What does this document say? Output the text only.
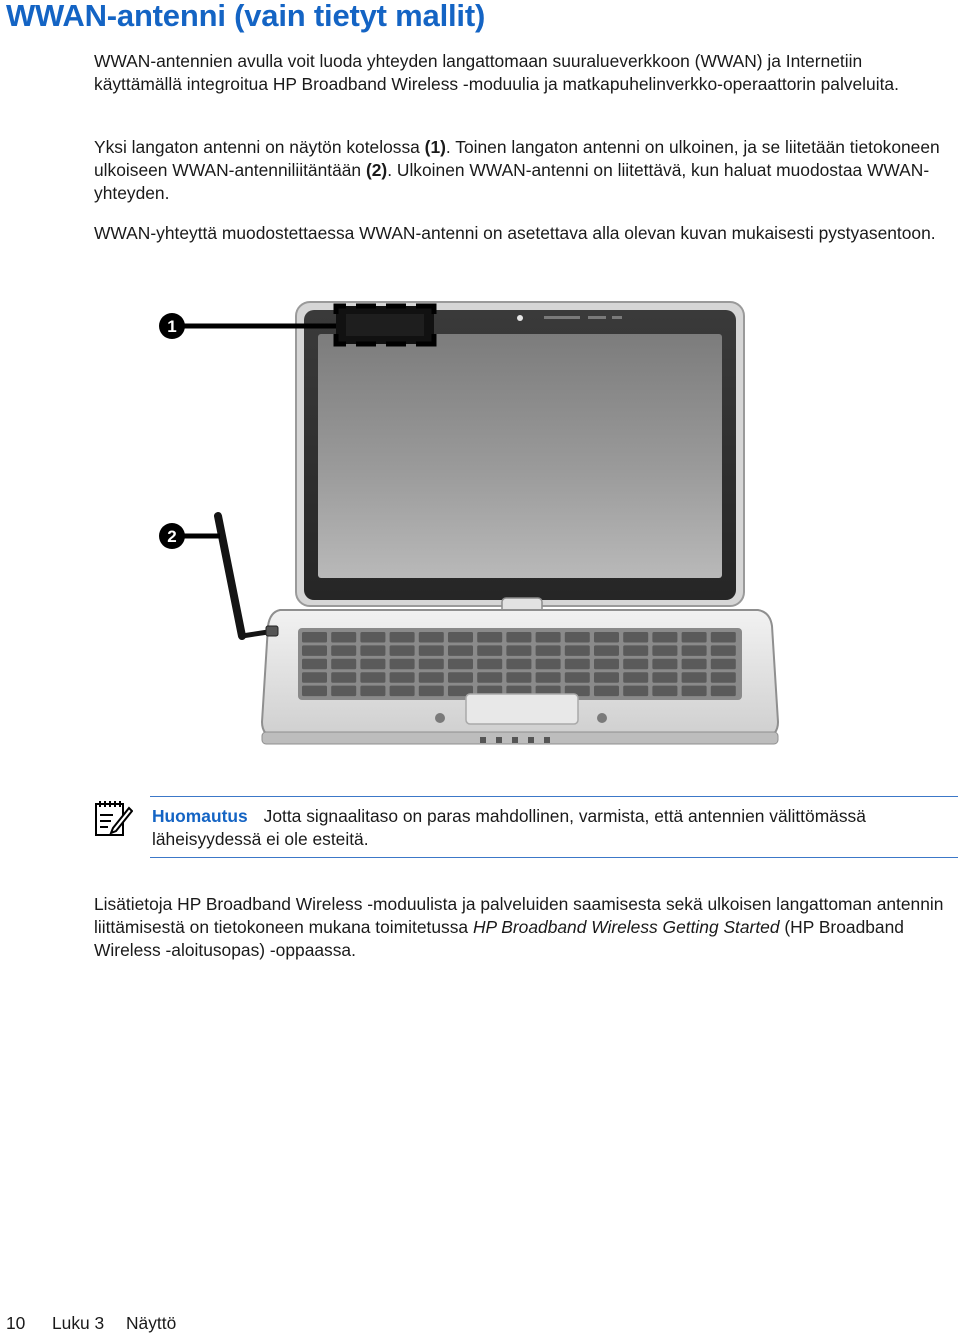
WWAN-antenni (vain tietyt mallit)

WWAN-antennien avulla voit luoda yhteyden langattomaan suuralueverkkoon (WWAN) ja Internetiin käyttämällä integroitua HP Broadband Wireless -moduulia ja matkapuhelinverkko-operaattorin palveluita.

Yksi langaton antenni on näytön kotelossa (1). Toinen langaton antenni on ulkoinen, ja se liitetään tietokoneen ulkoiseen WWAN-antenniliitäntään (2). Ulkoinen WWAN-antenni on liitettävä, kun haluat muodostaa WWAN-yhteyden.

WWAN-yhteyttä muodostettaessa WWAN-antenni on asetettava alla olevan kuvan mukaisesti pystyasentoon.

1
2

Huomautus Jotta signaalitaso on paras mahdollinen, varmista, että antennien välittömässä läheisyydessä ei ole esteitä.

Lisätietoja HP Broadband Wireless -moduulista ja palveluiden saamisesta sekä ulkoisen langattoman antennin liittämisestä on tietokoneen mukana toimitetussa HP Broadband Wireless Getting Started (HP Broadband Wireless -aloitusopas) -oppaassa.

10 Luku 3 Näyttö
